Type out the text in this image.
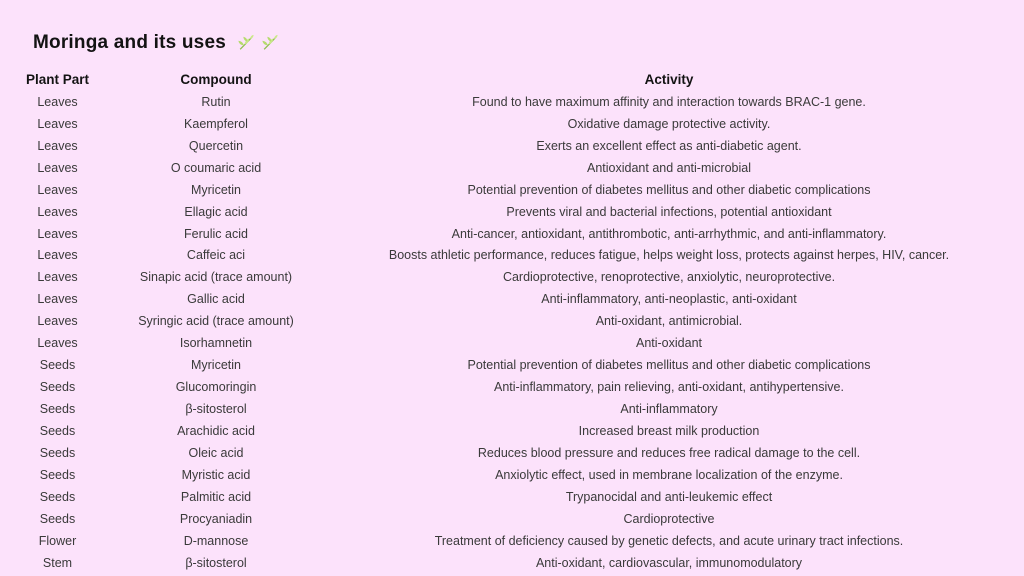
Moringa and its uses
Plant Part	Compound	Activity
Leaves	Rutin	Found to have maximum affinity and interaction towards BRAC-1 gene.
Leaves	Kaempferol	Oxidative damage protective activity.
Leaves	Quercetin	Exerts an excellent effect as anti-diabetic agent.
Leaves	O coumaric acid	Antioxidant and anti-microbial
Leaves	Myricetin	Potential prevention of diabetes mellitus and other diabetic complications
Leaves	Ellagic acid	Prevents viral and bacterial infections, potential antioxidant
Leaves	Ferulic acid	Anti-cancer, antioxidant, antithrombotic, anti-arrhythmic, and anti-inflammatory.
Leaves	Caffeic aci	Boosts athletic performance, reduces fatigue, helps weight loss, protects against herpes, HIV, cancer.
Leaves	Sinapic acid (trace amount)	Cardioprotective, renoprotective, anxiolytic, neuroprotective.
Leaves	Gallic acid	Anti-inflammatory, anti-neoplastic, anti-oxidant
Leaves	Syringic acid (trace amount)	Anti-oxidant, antimicrobial.
Leaves	Isorhamnetin	Anti-oxidant
Seeds	Myricetin	Potential prevention of diabetes mellitus and other diabetic complications
Seeds	Glucomoringin	Anti-inflammatory, pain relieving, anti-oxidant, antihypertensive.
Seeds	β-sitosterol	Anti-inflammatory
Seeds	Arachidic acid	Increased breast milk production
Seeds	Oleic acid	Reduces blood pressure and reduces free radical damage to the cell.
Seeds	Myristic acid	Anxiolytic effect, used in membrane localization of the enzyme.
Seeds	Palmitic acid	Trypanocidal and anti-leukemic effect
Seeds	Procyaniadin	Cardioprotective
Flower	D-mannose	Treatment of deficiency caused by genetic defects, and acute urinary tract infections.
Stem	β-sitosterol	Anti-oxidant, cardiovascular, immunomodulatory
